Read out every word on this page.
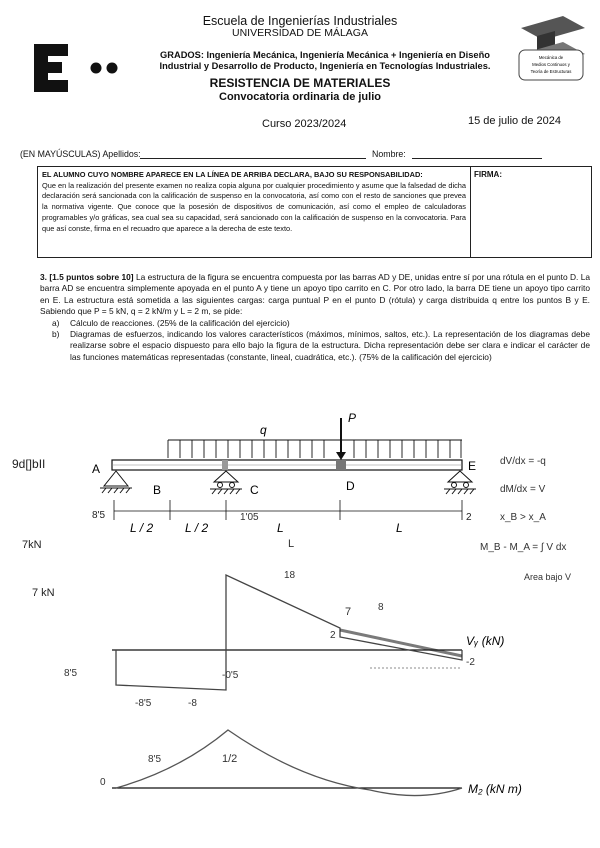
Escuela de Ingenierías Industriales
UNIVERSIDAD DE MÁLAGA
GRADOS: Ingeniería Mecánica, Ingeniería Mecánica + Ingeniería en Diseño
Industrial y Desarrollo de Producto, Ingeniería en Tecnologías Industriales.
RESISTENCIA DE MATERIALES
Convocatoria ordinaria de julio
Mecánica de
Medios Continuos y
Teoría de Estructuras
Curso 2023/2024	15 de julio de 2024
(EN MAYÚSCULAS) Apellidos:	Nombre:
FIRMA:
EL ALUMNO CUYO NOMBRE APARECE EN LA LÍNEA DE ARRIBA DECLARA, BAJO SU RESPONSABILIDAD:
Que en la realización del presente examen no realiza copia alguna por cualquier procedimiento y asume que la falsedad de dicha declaración será sancionada con la calificación de suspenso en la convocatoria, así como con el resto de sanciones que prevea la normativa vigente. Que conoce que la posesión de dispositivos de comunicación, así como el empleo de calculadoras programables y/o gráficas, sea cual sea su capacidad, será sancionado con la calificación de suspenso en la convocatoria. Para que así conste, firma en el recuadro que aparece a la derecha de este texto.
3. [1.5 puntos sobre 10] La estructura de la figura se encuentra compuesta por las barras AD y DE, unidas entre sí por una rótula en el punto D. La barra AD se encuentra simplemente apoyada en el punto A y tiene un apoyo tipo carrito en C. Por otro lado, la barra DE tiene un apoyo tipo carrito en E. La estructura está sometida a las siguientes cargas: carga puntual P en el punto D (rótula) y carga distribuida q entre los puntos B y E. Sabiendo que P = 5 kN, q = 2 kN/m y L = 2 m, se pide:
a)	Cálculo de reacciones. (25% de la calificación del ejercicio)
b)	Diagramas de esfuerzos, indicando los valores característicos (máximos, mínimos, saltos, etc.). La representación de los diagramas debe realizarse sobre el espacio dispuesto para ello bajo la figura de la estructura. Dicha representación debe ser clara e indicar el carácter de las funciones matemáticas representadas (constante, lineal, cuadrática, etc.). (75% de la calificación del ejercicio)
q
P
A
B	C	D
E
L / 2	L / 2	L	L
L
1'05
9d[]bII
7kN
7 kN
8'5	2
dV/dx = -q
dM/dx = V
x_B > x_A
M_B - M_A = ∫ V dx
Area bajo V
Vᵧ (kN)
18
7	8
2
-2
-8'5	-8
-0'5
8'5
M₂ (kN m)
8'5
0
1/2
